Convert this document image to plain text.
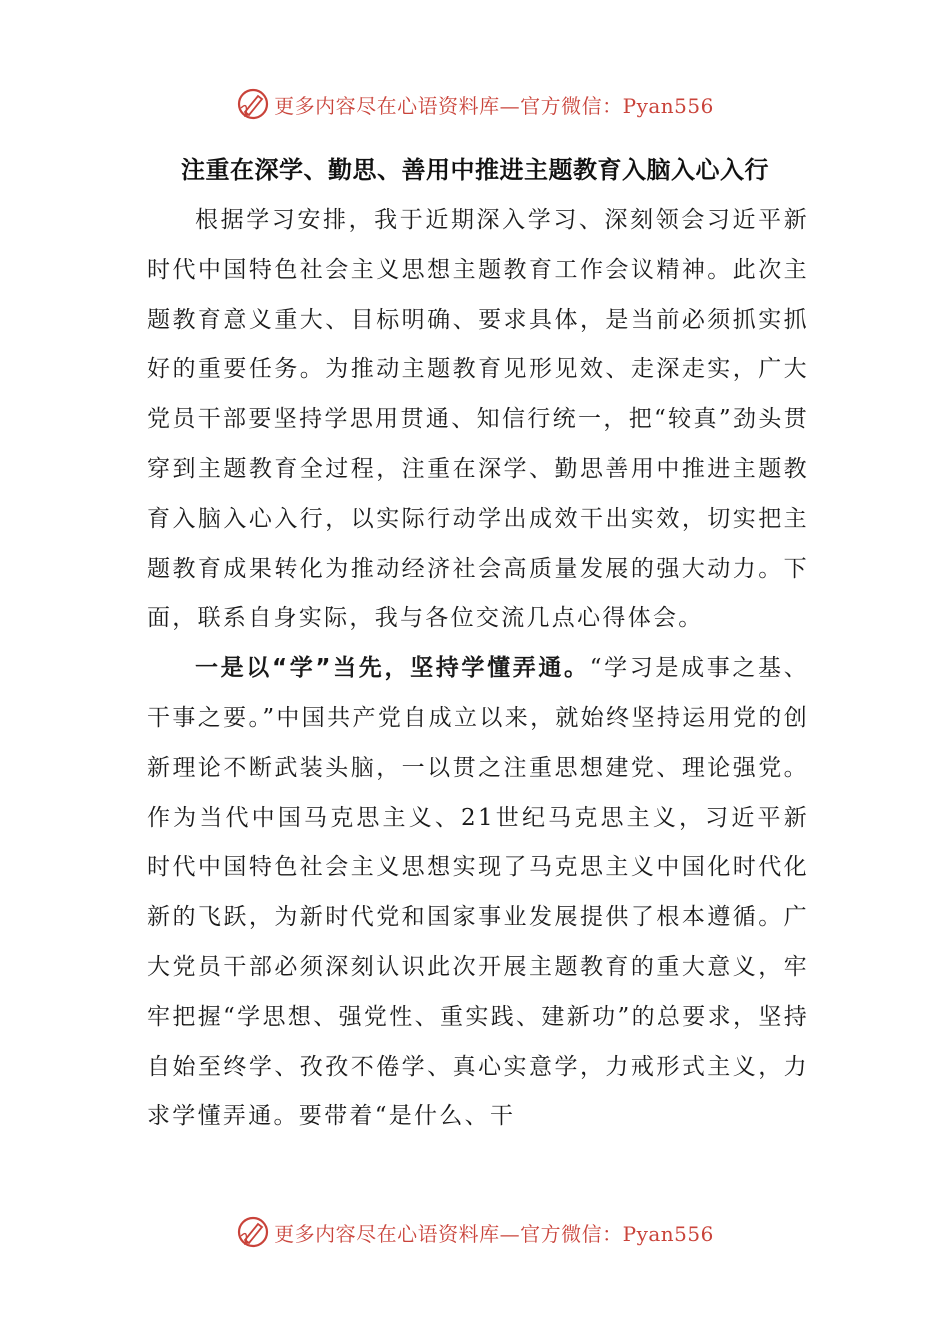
更多内容尽在心语资料库—官方微信：Pyan556
注重在深学、勤思、善用中推进主题教育入脑入心入行

根据学习安排，我于近期深入学习、深刻领会习近平新时代中国特色社会主义思想主题教育工作会议精神。此次主题教育意义重大、目标明确、要求具体，是当前必须抓实抓好的重要任务。为推动主题教育见形见效、走深走实，广大党员干部要坚持学思用贯通、知信行统一，把“较真”劲头贯穿到主题教育全过程，注重在深学、勤思善用中推进主题教育入脑入心入行，以实际行动学出成效干出实效，切实把主题教育成果转化为推动经济社会高质量发展的强大动力。下面，联系自身实际，我与各位交流几点心得体会。

一是以“学”当先，坚持学懂弄通。“学习是成事之基、干事之要。”中国共产党自成立以来，就始终坚持运用党的创新理论不断武装头脑，一以贯之注重思想建党、理论强党。作为当代中国马克思主义、21世纪马克思主义，习近平新时代中国特色社会主义思想实现了马克思主义中国化时代化新的飞跃，为新时代党和国家事业发展提供了根本遵循。广大党员干部必须深刻认识此次开展主题教育的重大意义，牢牢把握“学思想、强党性、重实践、建新功”的总要求，坚持自始至终学、孜孜不倦学、真心实意学，力戒形式主义，力求学懂弄通。要带着“是什么、干

更多内容尽在心语资料库—官方微信：Pyan556
